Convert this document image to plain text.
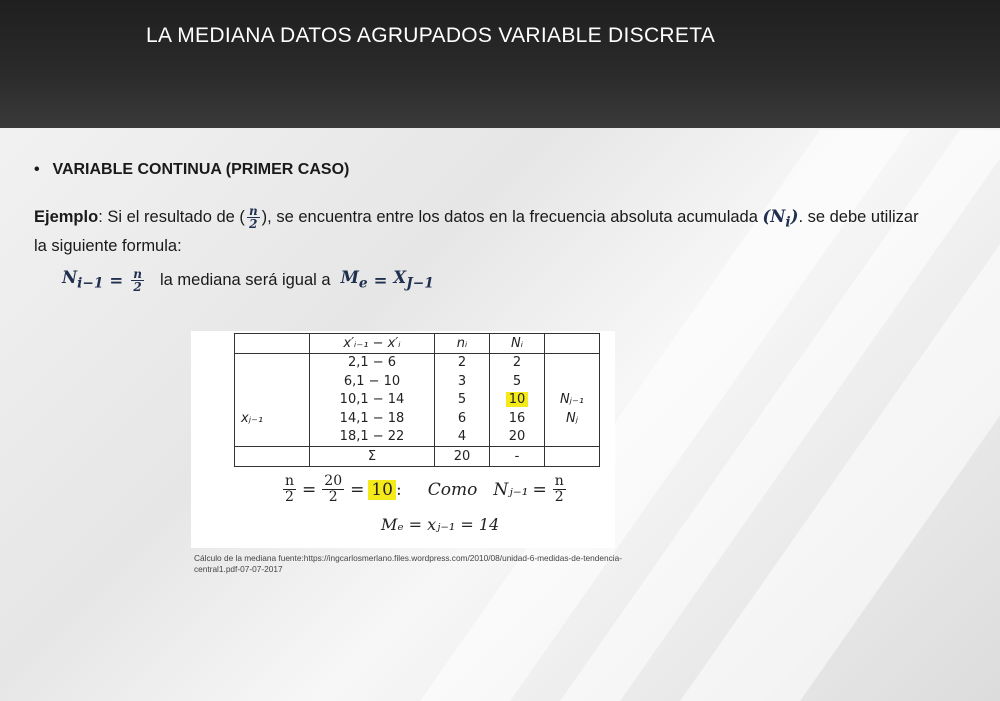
LA MEDIANA DATOS AGRUPADOS VARIABLE DISCRETA
• VARIABLE CONTINUA (PRIMER CASO)
Ejemplo: Si el resultado de ( $\frac{n}{2}$ ), se encuentra entre los datos en la frecuencia absoluta acumulada $(N_i)$. se debe utilizar la siguiente formula:
$N_{i-1} = \frac{n}{2}$ la mediana será igual a $M_e = X_{J-1}$
	x′ᵢ₋₁ − x′ᵢ	nᵢ	Nᵢ	
	2,1 − 6	2	2	
	6,1 − 10	3	5	
	10,1 − 14	5	10	Nⱼ₋₁
xⱼ₋₁	14,1 − 18	6	16	Nⱼ
	18,1 − 22	4	20	
	Σ	20	-	
$\frac{n}{2} = \frac{20}{2} = 10$ : Como Nⱼ₋₁ = $\frac{n}{2}$
Mₑ = xⱼ₋₁ = 14
Cálculo de la mediana fuente:https://ingcarlosmerlano.files.wordpress.com/2010/08/unidad-6-medidas-de-tendencia-central1.pdf-07-07-2017
